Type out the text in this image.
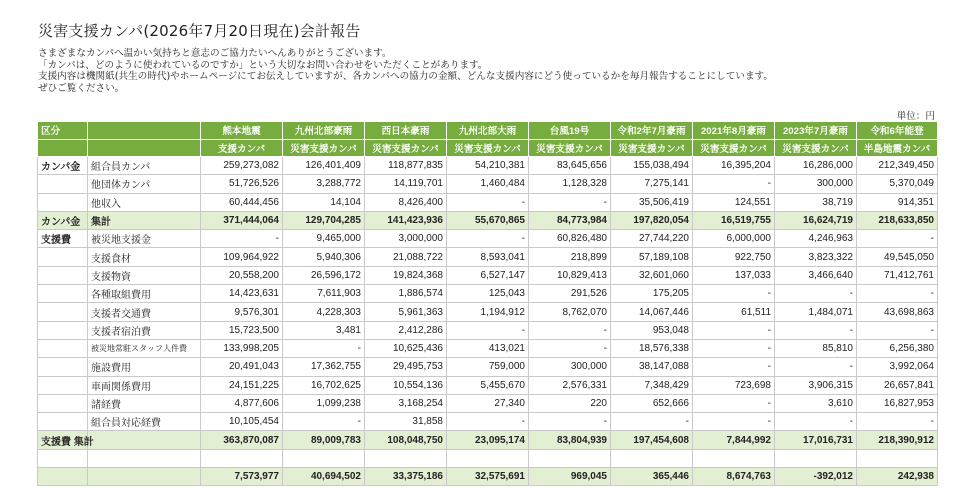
災害支援カンパ(2026年7月20日現在)会計報告
さまざまなカンパへ温かい気持ちと意志のご協力たいへんありがとうございます。
「カンパは、どのように使われているのですか」という大切なお問い合わせをいただくことがあります。
支援内容は機関紙(共生の時代)やホームページにてお伝えしていますが、各カンパへの協力の金額、どんな支援内容にどう使っているかを毎月報告することにしています。
ぜひご覧ください。
単位：円
区分		熊本地震	九州北部豪雨	西日本豪雨	九州北部大雨	台風19号	令和2年7月豪雨	2021年8月豪雨	2023年7月豪雨	令和6年能登
		支援カンパ	災害支援カンパ	災害支援カンパ	災害支援カンパ	災害支援カンパ	災害支援カンパ	災害支援カンパ	災害支援カンパ	半島地震カンパ
カンパ金	組合員カンパ	259,273,082	126,401,409	118,877,835	54,210,381	83,645,656	155,038,494	16,395,204	16,286,000	212,349,450
	他団体カンパ	51,726,526	3,288,772	14,119,701	1,460,484	1,128,328	7,275,141	-	300,000	5,370,049
	他収入	60,444,456	14,104	8,426,400	-	-	35,506,419	124,551	38,719	914,351
カンパ金	集計	371,444,064	129,704,285	141,423,936	55,670,865	84,773,984	197,820,054	16,519,755	16,624,719	218,633,850
支援費	被災地支援金	-	9,465,000	3,000,000	-	60,826,480	27,744,220	6,000,000	4,246,963	-
	支援食材	109,964,922	5,940,306	21,088,722	8,593,041	218,899	57,189,108	922,750	3,823,322	49,545,050
	支援物資	20,558,200	26,596,172	19,824,368	6,527,147	10,829,413	32,601,060	137,033	3,466,640	71,412,761
	各種取組費用	14,423,631	7,611,903	1,886,574	125,043	291,526	175,205	-	-	-
	支援者交通費	9,576,301	4,228,303	5,961,363	1,194,912	8,762,070	14,067,446	61,511	1,484,071	43,698,863
	支援者宿泊費	15,723,500	3,481	2,412,286	-	-	953,048	-	-	-
	被災地常駐スタッフ人件費	133,998,205	-	10,625,436	413,021	-	18,576,338	-	85,810	6,256,380
	施設費用	20,491,043	17,362,755	29,495,753	759,000	300,000	38,147,088	-	-	3,992,064
	車両関係費用	24,151,225	16,702,625	10,554,136	5,455,670	2,576,331	7,348,429	723,698	3,906,315	26,657,841
	諸経費	4,877,606	1,099,238	3,168,254	27,340	220	652,666	-	3,610	16,827,953
	組合員対応経費	10,105,454	-	31,858	-	-	-	-	-	-
支援費 集計		363,870,087	89,009,783	108,048,750	23,095,174	83,804,939	197,454,608	7,844,992	17,016,731	218,390,912

		7,573,977	40,694,502	33,375,186	32,575,691	969,045	365,446	8,674,763	-392,012	242,938
